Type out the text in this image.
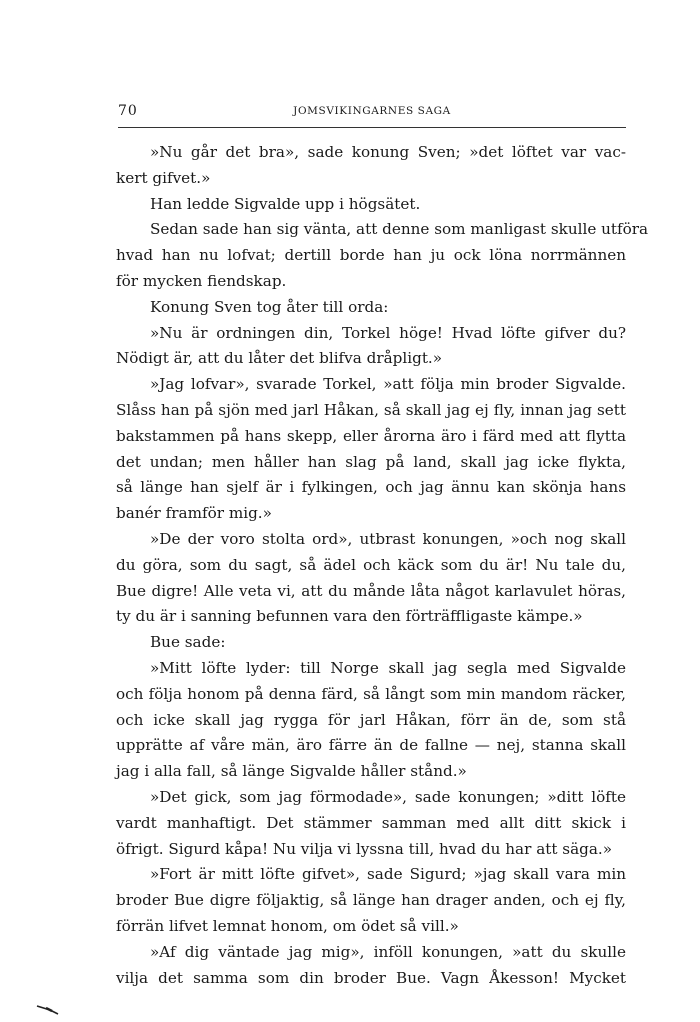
70	JOMSVIKINGARNES SAGA
»Nu går det bra», sade konung Sven; »det löftet var vac-
kert gifvet.»
Han ledde Sigvalde upp i högsätet.
Sedan sade han sig vänta, att denne som manligast skulle utföra
hvad han nu lofvat; dertill borde han ju ock löna norrmännen
för mycken fiendskap.
Konung Sven tog åter till orda:
»Nu är ordningen din, Torkel höge! Hvad löfte gifver du?
Nödigt är, att du låter det blifva dråpligt.»
»Jag lofvar», svarade Torkel, »att följa min broder Sigvalde.
Slåss han på sjön med jarl Håkan, så skall jag ej fly, innan jag sett
bakstammen på hans skepp, eller årorna äro i färd med att flytta
det undan; men håller han slag på land, skall jag icke flykta,
så länge han sjelf är i fylkingen, och jag ännu kan skönja hans
banér framför mig.»
»De der voro stolta ord», utbrast konungen, »och nog skall
du göra, som du sagt, så ädel och käck som du är! Nu tale du,
Bue digre! Alle veta vi, att du månde låta något karlavulet höras,
ty du är i sanning befunnen vara den förträffligaste kämpe.»
Bue sade:
»Mitt löfte lyder: till Norge skall jag segla med Sigvalde
och följa honom på denna färd, så långt som min mandom räcker,
och icke skall jag rygga för jarl Håkan, förr än de, som stå
upprätte af våre män, äro färre än de fallne — nej, stanna skall
jag i alla fall, så länge Sigvalde håller stånd.»
»Det gick, som jag förmodade», sade konungen; »ditt löfte
vardt manhaftigt. Det stämmer samman med allt ditt skick i
öfrigt. Sigurd kåpa! Nu vilja vi lyssna till, hvad du har att säga.»
»Fort är mitt löfte gifvet», sade Sigurd; »jag skall vara min
broder Bue digre följaktig, så länge han drager anden, och ej fly,
förrän lifvet lemnat honom, om ödet så vill.»
»Af dig väntade jag mig», inföll konungen, »att du skulle
vilja det samma som din broder Bue. Vagn Åkesson! Mycket
